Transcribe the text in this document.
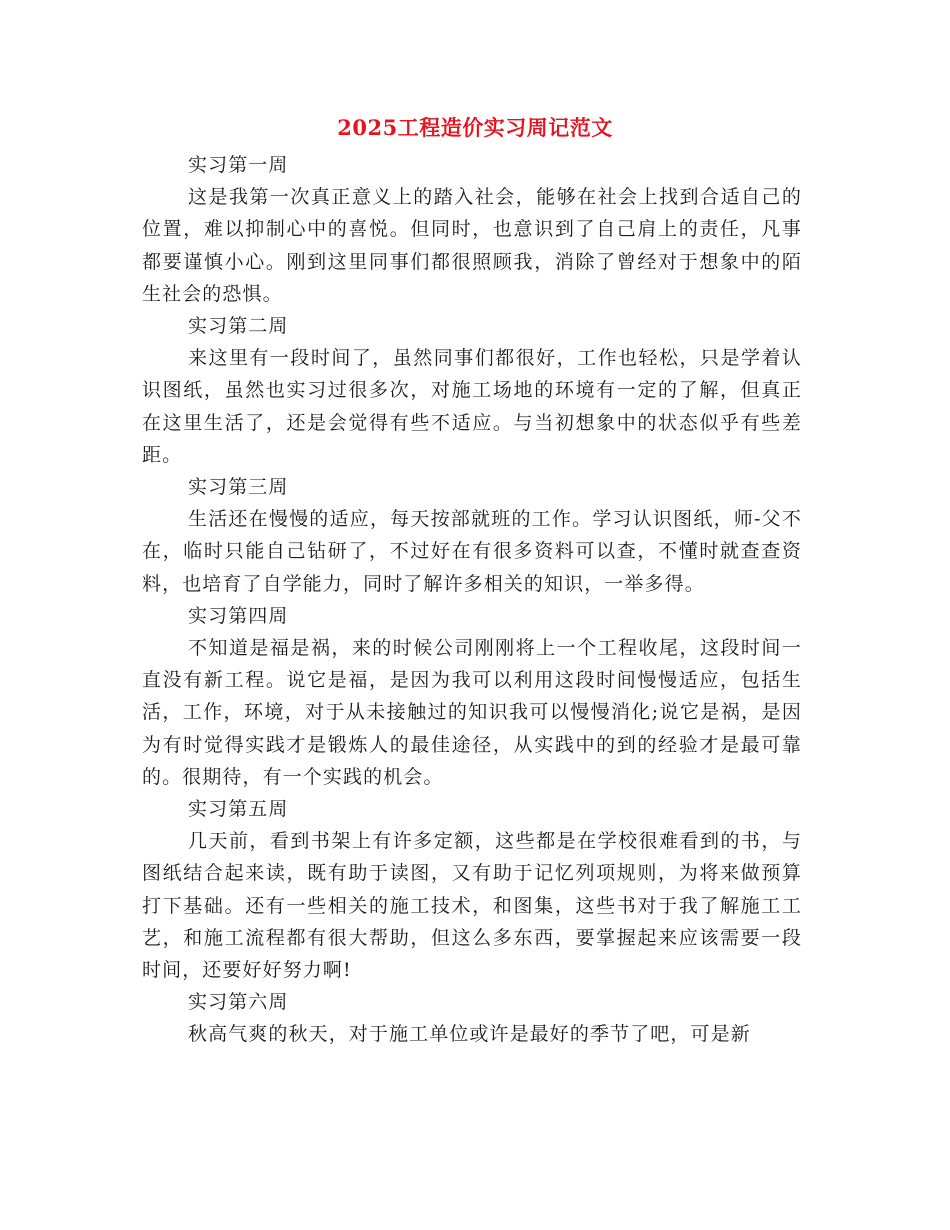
2025工程造价实习周记范文

实习第一周

这是我第一次真正意义上的踏入社会，能够在社会上找到合适自己的位置，难以抑制心中的喜悦。但同时，也意识到了自己肩上的责任，凡事都要谨慎小心。刚到这里同事们都很照顾我，消除了曾经对于想象中的陌生社会的恐惧。

实习第二周

来这里有一段时间了，虽然同事们都很好，工作也轻松，只是学着认识图纸，虽然也实习过很多次，对施工场地的环境有一定的了解，但真正在这里生活了，还是会觉得有些不适应。与当初想象中的状态似乎有些差距。

实习第三周

生活还在慢慢的适应，每天按部就班的工作。学习认识图纸，师-父不在，临时只能自己钻研了，不过好在有很多资料可以查，不懂时就查查资料，也培育了自学能力，同时了解许多相关的知识，一举多得。

实习第四周

不知道是福是祸，来的时候公司刚刚将上一个工程收尾，这段时间一直没有新工程。说它是福，是因为我可以利用这段时间慢慢适应，包括生活，工作，环境，对于从未接触过的知识我可以慢慢消化;说它是祸，是因为有时觉得实践才是锻炼人的最佳途径，从实践中的到的经验才是最可靠的。很期待，有一个实践的机会。

实习第五周

几天前，看到书架上有许多定额，这些都是在学校很难看到的书，与图纸结合起来读，既有助于读图，又有助于记忆列项规则，为将来做预算打下基础。还有一些相关的施工技术，和图集，这些书对于我了解施工工艺，和施工流程都有很大帮助，但这么多东西，要掌握起来应该需要一段时间，还要好好努力啊!

实习第六周

秋高气爽的秋天，对于施工单位或许是最好的季节了吧，可是新
